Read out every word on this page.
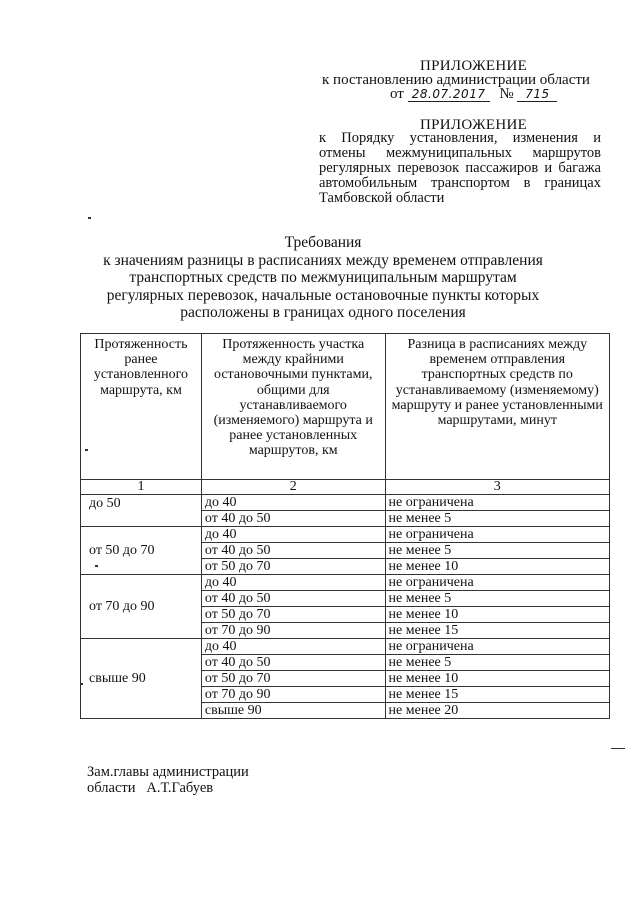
ПРИЛОЖЕНИЕ
к постановлению администрации области
от 28.07.2017 № 715
ПРИЛОЖЕНИЕ
к Порядку установления, изменения и отмены межмуниципальных маршрутов регулярных перевозок пассажиров и багажа автомобильным транспортом в границах Тамбовской области
Требования
к значениям разницы в расписаниях между временем отправления
транспортных средств по межмуниципальным маршрутам
регулярных перевозок, начальные остановочные пункты которых
расположены в границах одного поселения
Протяженность ранее установленного маршрута, км	Протяженность участка между крайними остановочными пунктами, общими для устанавливаемого (изменяемого) маршрута и ранее установленных маршрутов, км	Разница в расписаниях между временем отправления транспортных средств по устанавливаемому (изменяемому) маршруту и ранее установленными маршрутами, минут
1	2	3
до 50	до 40	не ограничена
	от 40 до 50	не менее 5
от 50 до 70	до 40	не ограничена
	от 40 до 50	не менее 5
	от 50 до 70	не менее 10
от 70 до 90	до 40	не ограничена
	от 40 до 50	не менее 5
	от 50 до 70	не менее 10
	от 70 до 90	не менее 15
свыше 90	до 40	не ограничена
	от 40 до 50	не менее 5
	от 50 до 70	не менее 10
	от 70 до 90	не менее 15
	свыше 90	не менее 20
Зам.главы администрации
области   А.Т.Габуев
